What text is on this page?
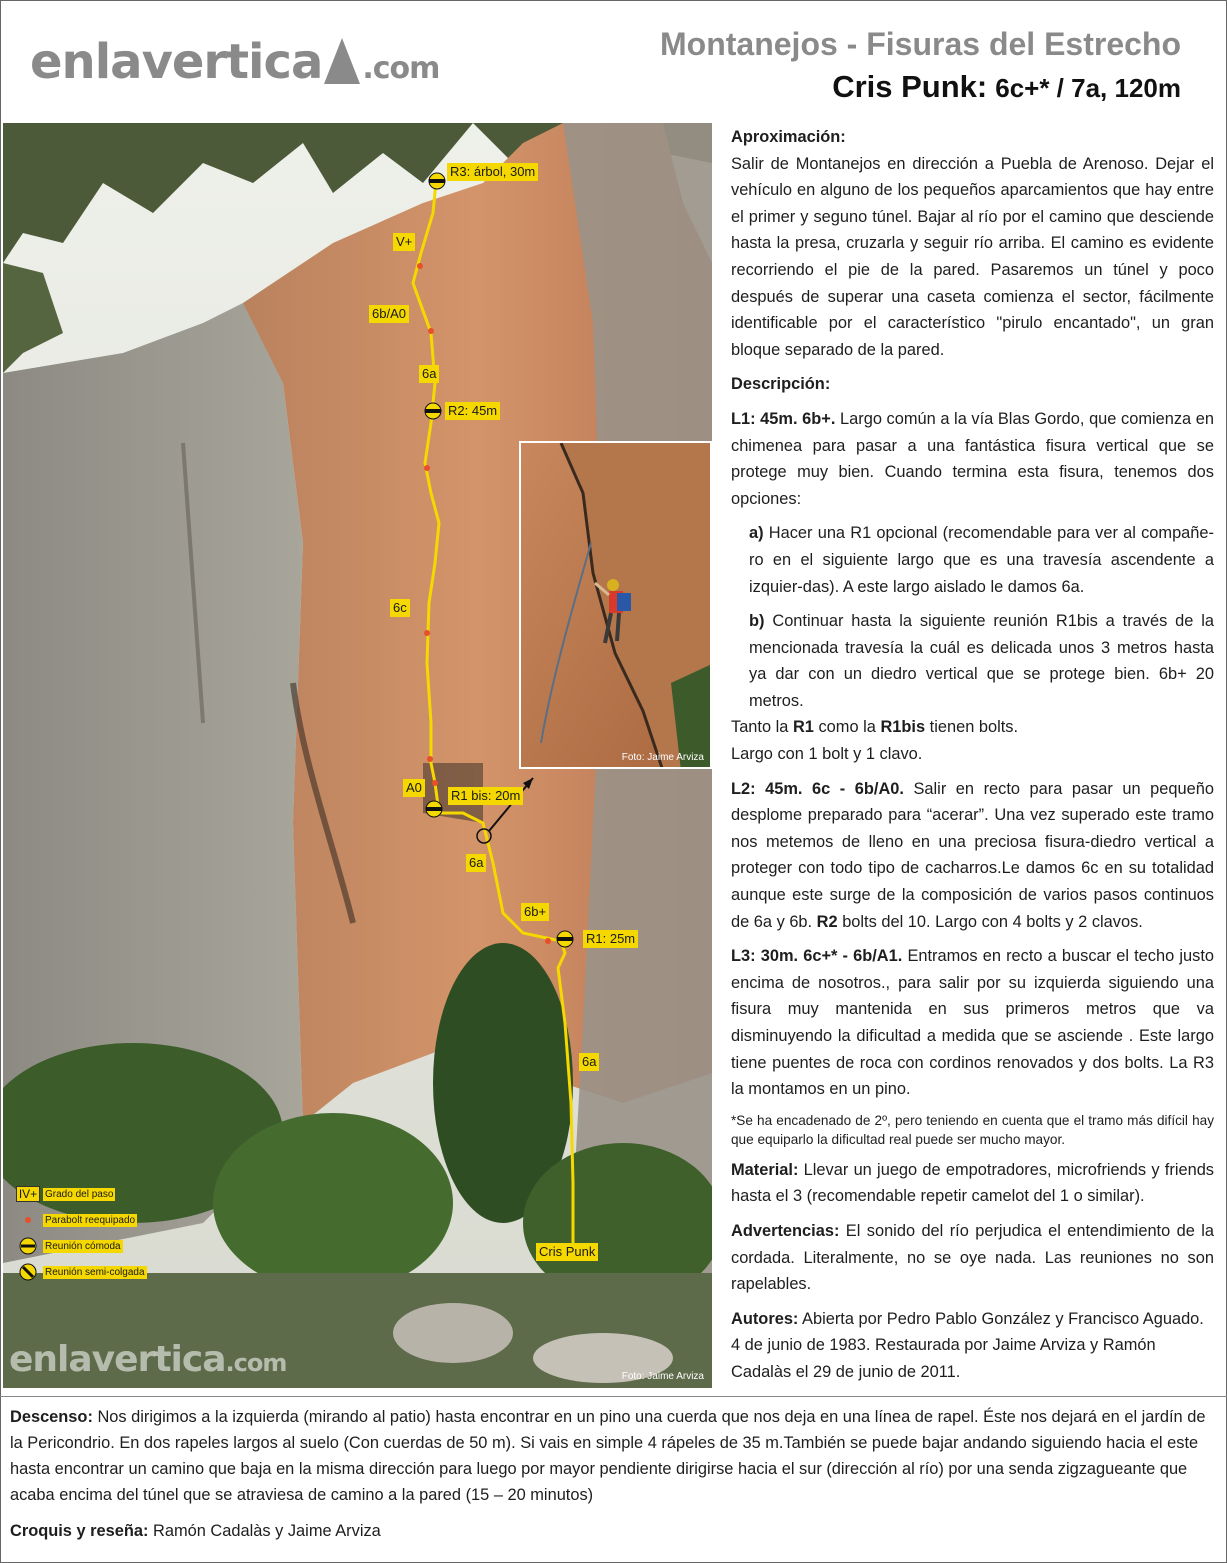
enlavertica .com
Montanejos - Fisuras del Estrecho
Cris Punk: 6c+* / 7a, 120m
Foto: Jaime Arviza
R3: árbol, 30m
V+
6b/A0
6a
R2: 45m
6c
A0
R1 bis: 20m
6a
6b+
R1: 25m
6a
Cris Punk
IV+ Grado del paso
Parabolt reequipado
Reunión cómoda
Reunión semi-colgada
enlavertica.com	Foto: Jaime Arviza

Aproximación:

Salir de Montanejos en dirección a Puebla de Arenoso. Dejar el vehículo en alguno de los pequeños aparcamientos que hay entre el primer y seguno túnel. Bajar al río por el camino que desciende hasta la presa, cruzarla y seguir río arriba. El camino es evidente recorriendo el pie de la pared. Pasaremos un túnel y poco después de superar una caseta comienza el sector, fácilmente identificable por el característico "pirulo encantado", un gran bloque separado de la pared.

Descripción:

L1: 45m. 6b+. Largo común a la vía Blas Gordo, que comienza en chimenea para pasar a una fantástica fisura vertical que se protege muy bien. Cuando termina esta fisura, tenemos dos opciones:

a) Hacer una R1 opcional (recomendable para ver al compañe-ro en el siguiente largo que es una travesía ascendente a izquier-das). A este largo aislado le damos 6a.

b) Continuar hasta la siguiente reunión R1bis a través de la mencionada travesía la cuál es delicada unos 3 metros hasta ya dar con un diedro vertical que se protege bien. 6b+ 20 metros.

Tanto la R1 como la R1bis tienen bolts.

Largo con 1 bolt y 1 clavo.

L2: 45m. 6c - 6b/A0. Salir en recto para pasar un pequeño desplome preparado para “acerar”. Una vez superado este tramo nos metemos de lleno en una preciosa fisura-diedro vertical a proteger con todo tipo de cacharros.Le damos 6c en su totalidad aunque este surge de la composición de varios pasos continuos de 6a y 6b. R2 bolts del 10. Largo con 4 bolts y 2 clavos.

L3: 30m. 6c+* - 6b/A1. Entramos en recto a buscar el techo justo encima de nosotros., para salir por su izquierda siguiendo una fisura muy mantenida en sus primeros metros que va disminuyendo la dificultad a medida que se asciende . Este largo tiene puentes de roca con cordinos renovados y dos bolts. La R3 la montamos en un pino.

*Se ha encadenado de 2º, pero teniendo en cuenta que el tramo más difícil hay que equiparlo la dificultad real puede ser mucho mayor.

Material: Llevar un juego de empotradores, microfriends y friends hasta el 3 (recomendable repetir camelot del 1 o similar).

Advertencias: El sonido del río perjudica el entendimiento de la cordada. Literalmente, no se oye nada. Las reuniones no son rapelables.

Autores: Abierta por Pedro Pablo González y Francisco Aguado. 4 de junio de 1983. Restaurada por Jaime Arviza y Ramón Cadalàs el 29 de junio de 2011.

Descenso: Nos dirigimos a la izquierda (mirando al patio) hasta encontrar en un pino una cuerda que nos deja en una línea de rapel. Éste nos dejará en el jardín de la Pericondrio. En dos rapeles largos al suelo (Con cuerdas de 50 m). Si vais en simple 4 rápeles de 35 m.También se puede bajar andando siguiendo hacia el este hasta encontrar un camino que baja en la misma dirección para luego por mayor pendiente dirigirse hacia el sur (dirección al río) por una senda zigzagueante que acaba encima del túnel que se atraviesa de camino a la pared (15 – 20 minutos)

Croquis y reseña: Ramón Cadalàs y Jaime Arviza
